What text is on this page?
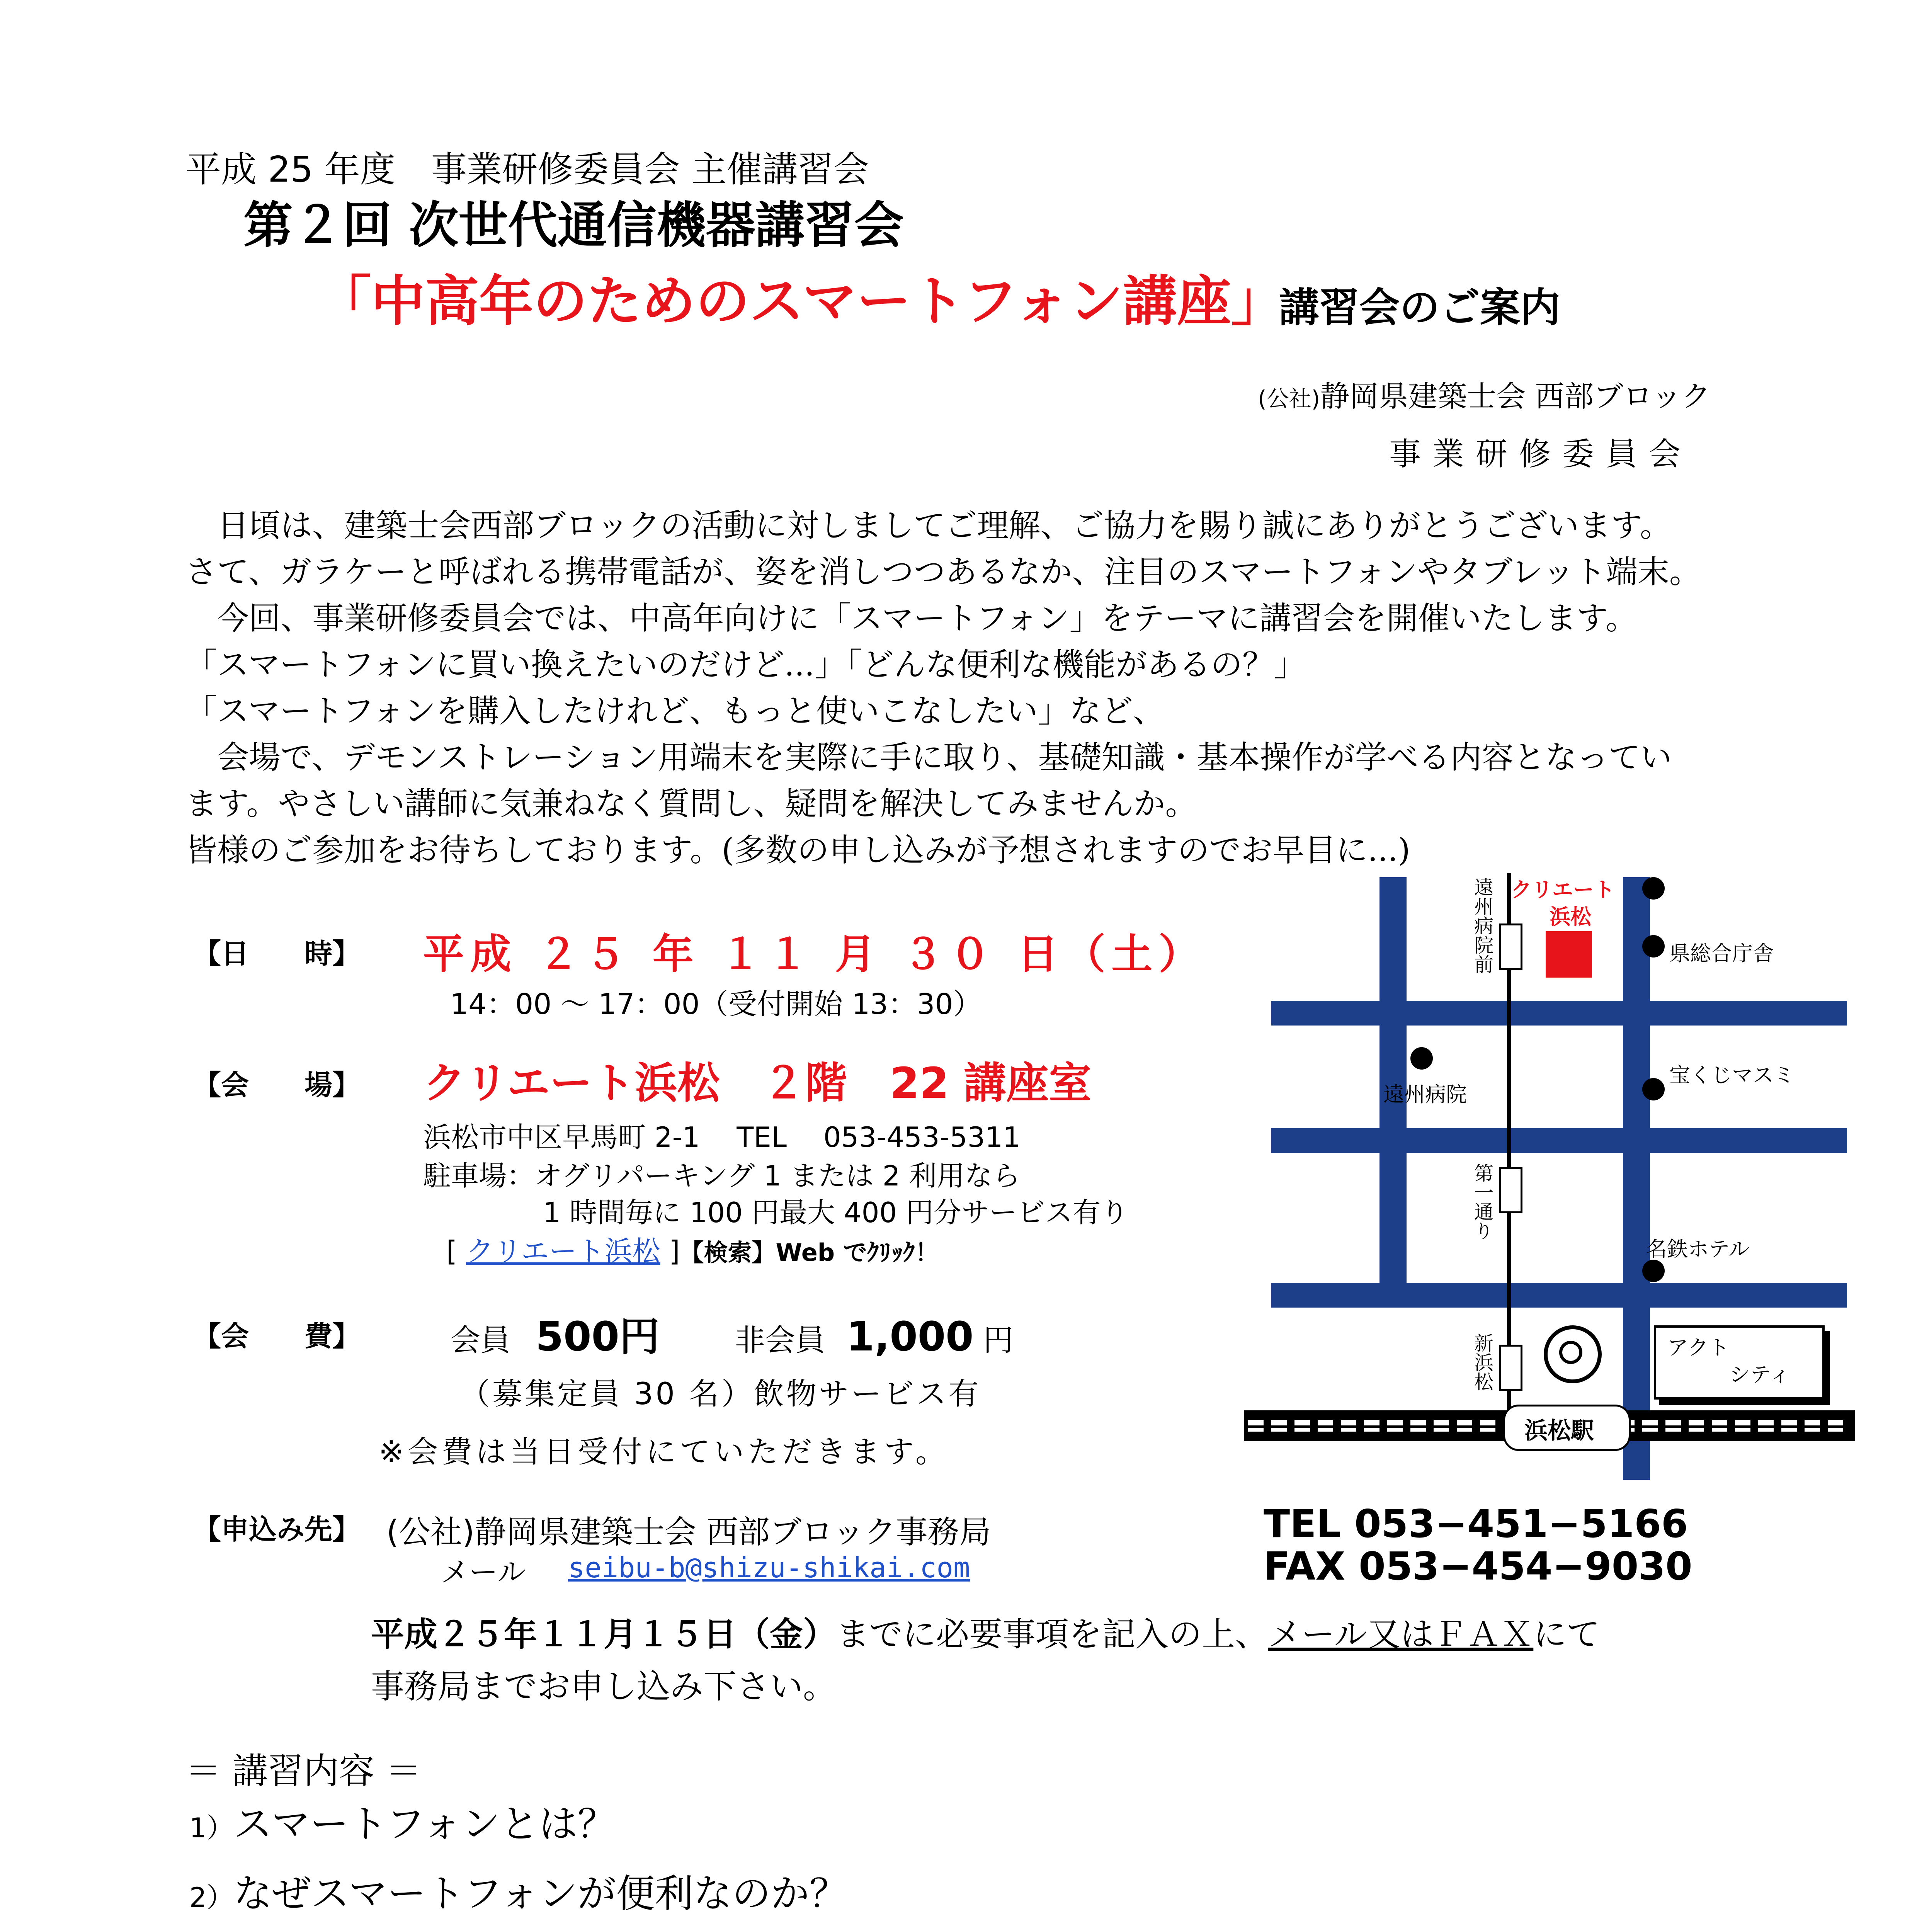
平成 25 年度　事業研修委員会 主催講習会
第２回 次世代通信機器講習会
「中高年のためのスマートフォン講座」
講習会のご案内
(公社)静岡県建築士会 西部ブロック
事業研修委員会
　日頃は、建築士会西部ブロックの活動に対しましてご理解、ご協力を賜り誠にありがとうございます。
さて、ガラケーと呼ばれる携帯電話が、姿を消しつつあるなか、注目のスマートフォンやタブレット端末。
　今回、事業研修委員会では、中高年向けに「スマートフォン」をテーマに講習会を開催いたします。
「スマートフォンに買い換えたいのだけど...」「どんな便利な機能があるの？」
「スマートフォンを購入したけれど、もっと使いこなしたい」など、
　会場で、デモンストレーション用端末を実際に手に取り、基礎知識・基本操作が学べる内容となってい
ます。やさしい講師に気兼ねなく質問し、疑問を解決してみませんか。
皆様のご参加をお待ちしております。(多数の申し込みが予想されますのでお早目に...)
【日　　時】 平成 ２５ 年 １１ 月 ３０ 日（土）
14：00 ～ 17：00（受付開始 13：30）
【会　　場】 クリエート浜松　２階　22 講座室
浜松市中区早馬町 2-1　 TEL　 053-453-5311
駐車場：オグリパーキング 1 または 2 利用なら
1 時間毎に 100 円最大 400 円分サービス有り
[ クリエート浜松 ]【検索】Web でｸﾘｯｸ！
【会　　費】	会員 500円 非会員 1,000 円
（募集定員 30 名）飲物サービス有
※会費は当日受付にていただきます。
浜松駅
遠州病院前
第一通り
新浜松
クリエート
浜松
県総合庁舎
遠州病院
宝くじマスミ
名鉄ホテル
アクト
シティ
【申込み先】 (公社)静岡県建築士会 西部ブロック事務局
メール seibu-b@shizu-shikai.com
TEL 053−451−5166
FAX 053−454−9030
平成２５年１１月１５日（金）までに必要事項を記入の上、メール又はＦＡＸにて
事務局までお申し込み下さい。
＝ 講習内容 ＝
1）スマートフォンとは？
2）なぜスマートフォンが便利なのか？
